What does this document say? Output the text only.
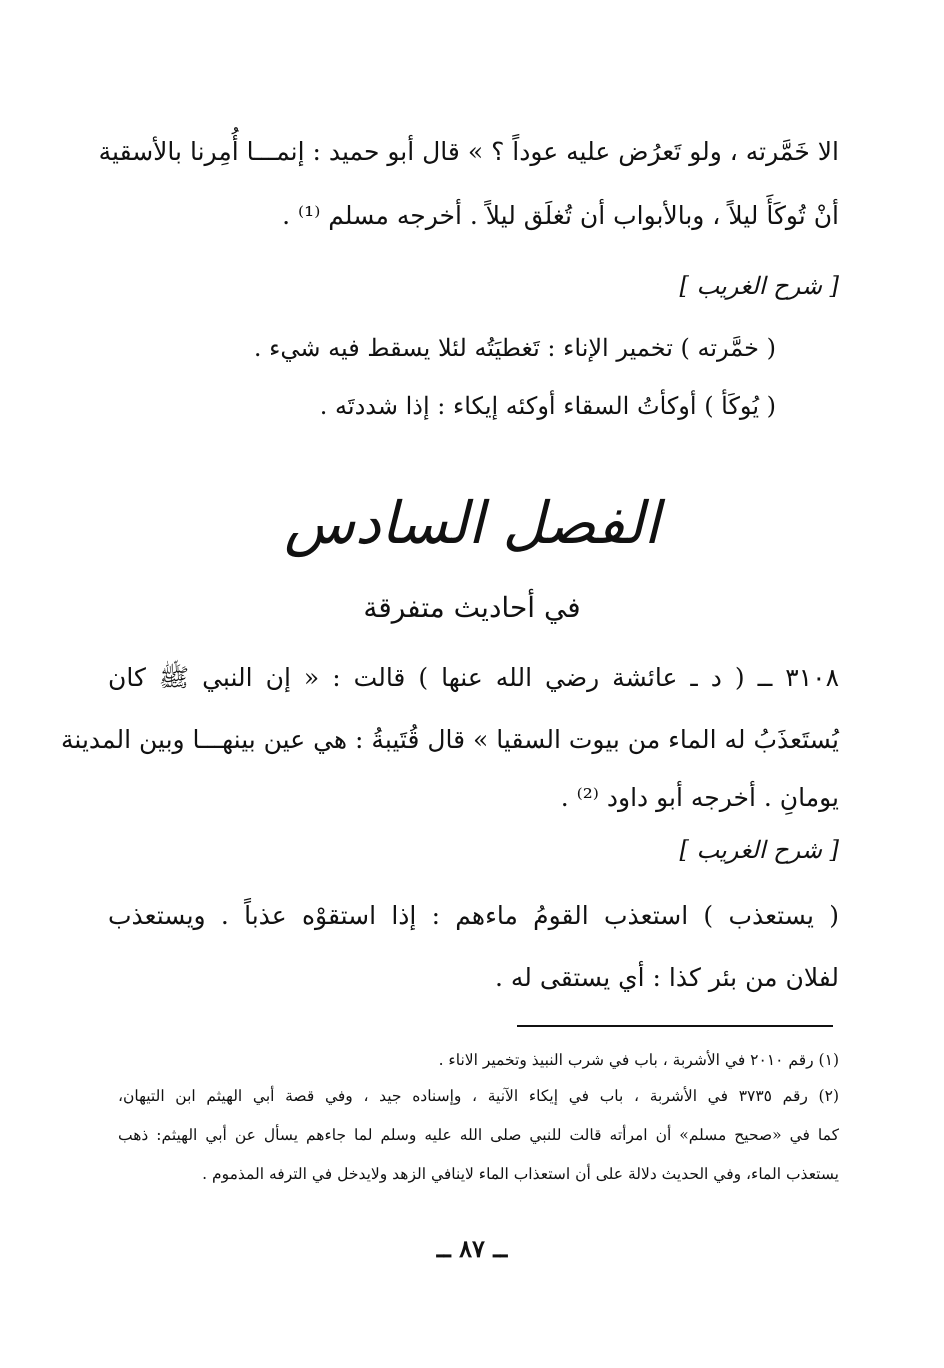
الا خَمَّرته ، ولو تَعرُض عليه عوداً ؟ » قال أبو حميد : إنمـــا أُمِرنا بالأسقية
أنْ تُوكَأَ ليلاً ، وبالأبواب أن تُغلَق ليلاً . أخرجه مسلم ⁽¹⁾ .
[ شرح الغريب ]
( خمَّرته ) تخمير الإناء : تَغطيَتُه لئلا يسقط فيه شيء .
( يُوكَأ ) أوكأتُ السقاء أوكئه إيكاء : إذا شددتَه .
الفصل السادس
في أحاديث متفرقة
٣١٠٨ ــ ( د ـ عائشة رضي الله عنها ) قالت : « إن النبي ﷺ كان
يُستَعذَبُ له الماء من بيوت السقيا » قال قُتَيبةُ : هي عين بينهـــا وبين المدينة
يومانِ . أخرجه أبو داود ⁽²⁾ .
[ شرح الغريب ]
( يستعذب ) استعذب القومُ ماءهم : إذا استقوْه عذباً . ويستعذب
لفلان من بئر كذا : أي يستقى له .
(١) رقم ٢٠١٠ في الأشربة ، باب في شرب النبيذ وتخمير الاناء .
(٢) رقم ٣٧٣٥ في الأشربة ، باب في إيكاء الآنية ، وإسناده جيد ، وفي قصة أبي الهيثم ابن التيهان،
كما في «صحيح مسلم» أن امرأته قالت للنبي صلى الله عليه وسلم لما جاءهم يسأل عن أبي الهيثم: ذهب
يستعذب الماء، وفي الحديث دلالة على أن استعذاب الماء لاينافي الزهد ولايدخل في الترفه المذموم .
ــ ٨٧ ــ
